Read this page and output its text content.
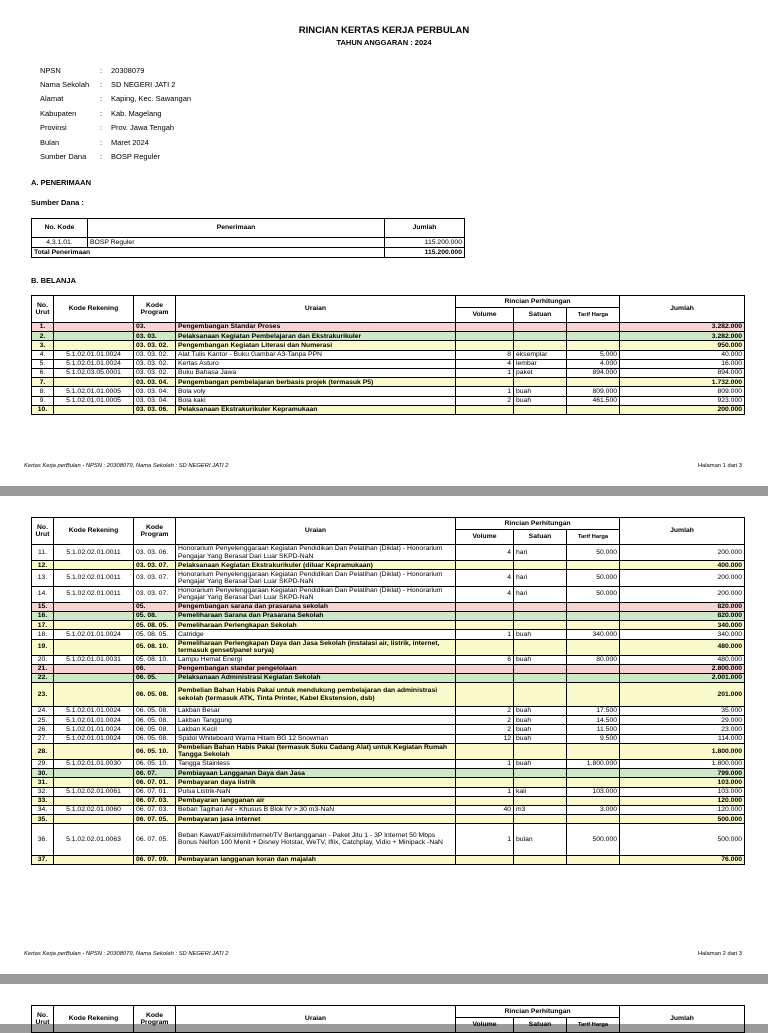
RINCIAN KERTAS KERJA PERBULAN
TAHUN ANGGARAN : 2024
NPSN	:	20308079
Nama Sekolah	:	SD NEGERI JATI 2
Alamat	:	Kaping, Kec. Sawangan
Kabupaten	:	Kab. Magelang
Provinsi	:	Prov. Jawa Tengah
Bulan	:	Maret 2024
Sumber Dana	:	BOSP Reguler
A. PENERIMAAN
Sumber Dana :
No. Kode	Penerimaan	Jumlah
4.3.1.01.	BOSP Reguler	115.200.000
Total Penerimaan		115.200.000
B. BELANJA
No. Urut	Kode Rekening	Kode Program	Uraian	Rincian Perhitungan			Jumlah
				Volume	Satuan	Tarif Harga	
1.		03.	Pengembangan Standar Proses				3.282.000
2.		03. 03.	Pelaksanaan Kegiatan Pembelajaran dan Ekstrakurikuler				3.282.000
3.		03. 03. 02.	Pengembangan Kegiatan Literasi dan Numerasi				950.000
4.	5.1.02.01.01.0024	03. 03. 02.	Alat Tulis Kantor - Buku Gambar A3-Tanpa PPN	8	eksemplar	5.000	40.000
5.	5.1.02.01.01.0024	03. 03. 02.	Kertas Asturo	4	lembar	4.000	16.000
6.	5.1.02.03.05.0001	03. 03. 02.	Buku Bahasa Jawa	1	paket	894.000	894.000
7.		03. 03. 04.	Pengembangan pembelajaran berbasis projek (termasuk P5)				1.732.000
8.	5.1.02.01.01.0005	03. 03. 04.	Bola voly	1	buah	809.000	809.000
9.	5.1.02.01.01.0005	03. 03. 04.	Bola kaki	2	buah	461.500	923.000
10.		03. 03. 06.	Pelaksanaan Ekstrakurikuler Kepramukaan				200.000
Kertas Kerja perBulan - NPSN : 20308079, Nama Sekolah : SD NEGERI JATI 2	Halaman 1 dari 3
No. Urut	Kode Rekening	Kode Program	Uraian	Rincian Perhitungan			Jumlah
				Volume	Satuan	Tarif Harga	
11.	5.1.02.02.01.0011	03. 03. 06.	Honorarium Penyelenggaraan Kegiatan Pendidikan Dan Pelatihan (Diklat) - Honorarium Pengajar Yang Berasal Dari Luar SKPD-NaN	4	hari	50.000	200.000
12.		03. 03. 07.	Pelaksanaan Kegiatan Ekstrakurikuler (diluar Kepramukaan)				400.000
13.	5.1.02.02.01.0011	03. 03. 07.	Honorarium Penyelenggaraan Kegiatan Pendidikan Dan Pelatihan (Diklat) - Honorarium Pengajar Yang Berasal Dari Luar SKPD-NaN	4	hari	50.000	200.000
14.	5.1.02.02.01.0011	03. 03. 07.	Honorarium Penyelenggaraan Kegiatan Pendidikan Dan Pelatihan (Diklat) - Honorarium Pengajar Yang Berasal Dari Luar SKPD-NaN	4	hari	50.000	200.000
15.		05.	Pengembangan sarana dan prasarana sekolah				820.000
16.		05. 08.	Pemeliharaan Sarana dan Prasarana Sekolah				820.000
17.		05. 08. 05.	Pemeliharaan Perlengkapan Sekolah				340.000
18.	5.1.02.01.01.0024	05. 08. 05.	Catridge	1	buah	340.000	340.000
19.		05. 08. 10.	Pemeliharaan Perlengkapan Daya dan Jasa Sekolah (instalasi air, listrik, internet, termasuk genset/panel surya)				480.000
20.	5.1.02.01.01.0031	05. 08. 10.	Lampu Hemat Energi	6	buah	80.000	480.000
21.		06.	Pengembangan standar pengelolaan				2.800.000
22.		06. 05.	Pelaksanaan Administrasi Kegiatan Sekolah				2.001.000
23.		06. 05. 08.	Pembelian Bahan Habis Pakai untuk mendukung pembelajaran dan administrasi sekolah (termasuk ATK, Tinta Printer, Kabel Ekstension, dsb)				201.000
24.	5.1.02.01.01.0024	06. 05. 08.	Lakban Besar	2	buah	17.500	35.000
25.	5.1.02.01.01.0024	06. 05. 08.	Lakban Tanggung	2	buah	14.500	29.000
26.	5.1.02.01.01.0024	06. 05. 08.	Lakban Kecil	2	buah	11.500	23.000
27.	5.1.02.01.01.0024	06. 05. 08.	Spidol Whiteboard Warna Hitam BG 12 Snowman	12	buah	9.500	114.000
28.		06. 05. 10.	Pembelian Bahan Habis Pakai (termasuk Suku Cadang Alat) untuk Kegiatan Rumah Tangga Sekolah				1.800.000
29.	5.1.02.01.01.0030	06. 05. 10.	Tangga Stainless	1	buah	1.800.000	1.800.000
30.		06. 07.	Pembiayaan Langganan Daya dan Jasa				799.000
31.		06. 07. 01.	Pembayaran daya listrik				103.000
32.	5.1.02.02.01.0061	06. 07. 01.	Pulsa Listrik-NaN	1	kali	103.000	103.000
33.		06. 07. 03.	Pembayaran langganan air				120.000
34.	5.1.02.02.01.0060	06. 07. 03.	Beban Tagihan Air - Khusus B Blok IV > 30 m3-NaN	40	m3	3.000	120.000
35.		06. 07. 05.	Pembayaran jasa internet				500.000
36.	5.1.02.02.01.0063	06. 07. 05.	Beban Kawat/Faksimili/Internet/TV Berlangganan - Paket Jitu 1 - 3P Internet 50 Mbps Bonus Nelfon 100 Menit + Disney Hotstar, WeTV, Iflix, Catchplay, Vidio + Minipack -NaN	1	bulan	500.000	500.000
37.		06. 07. 09.	Pembayaran langganan koran dan majalah				76.000
Kertas Kerja perBulan - NPSN : 20308079, Nama Sekolah : SD NEGERI JATI 2	Halaman 2 dari 3
No. Urut	Kode Rekening	Kode Program	Uraian	Rincian Perhitungan			Jumlah
				Volume	Satuan	Tarif Harga	
